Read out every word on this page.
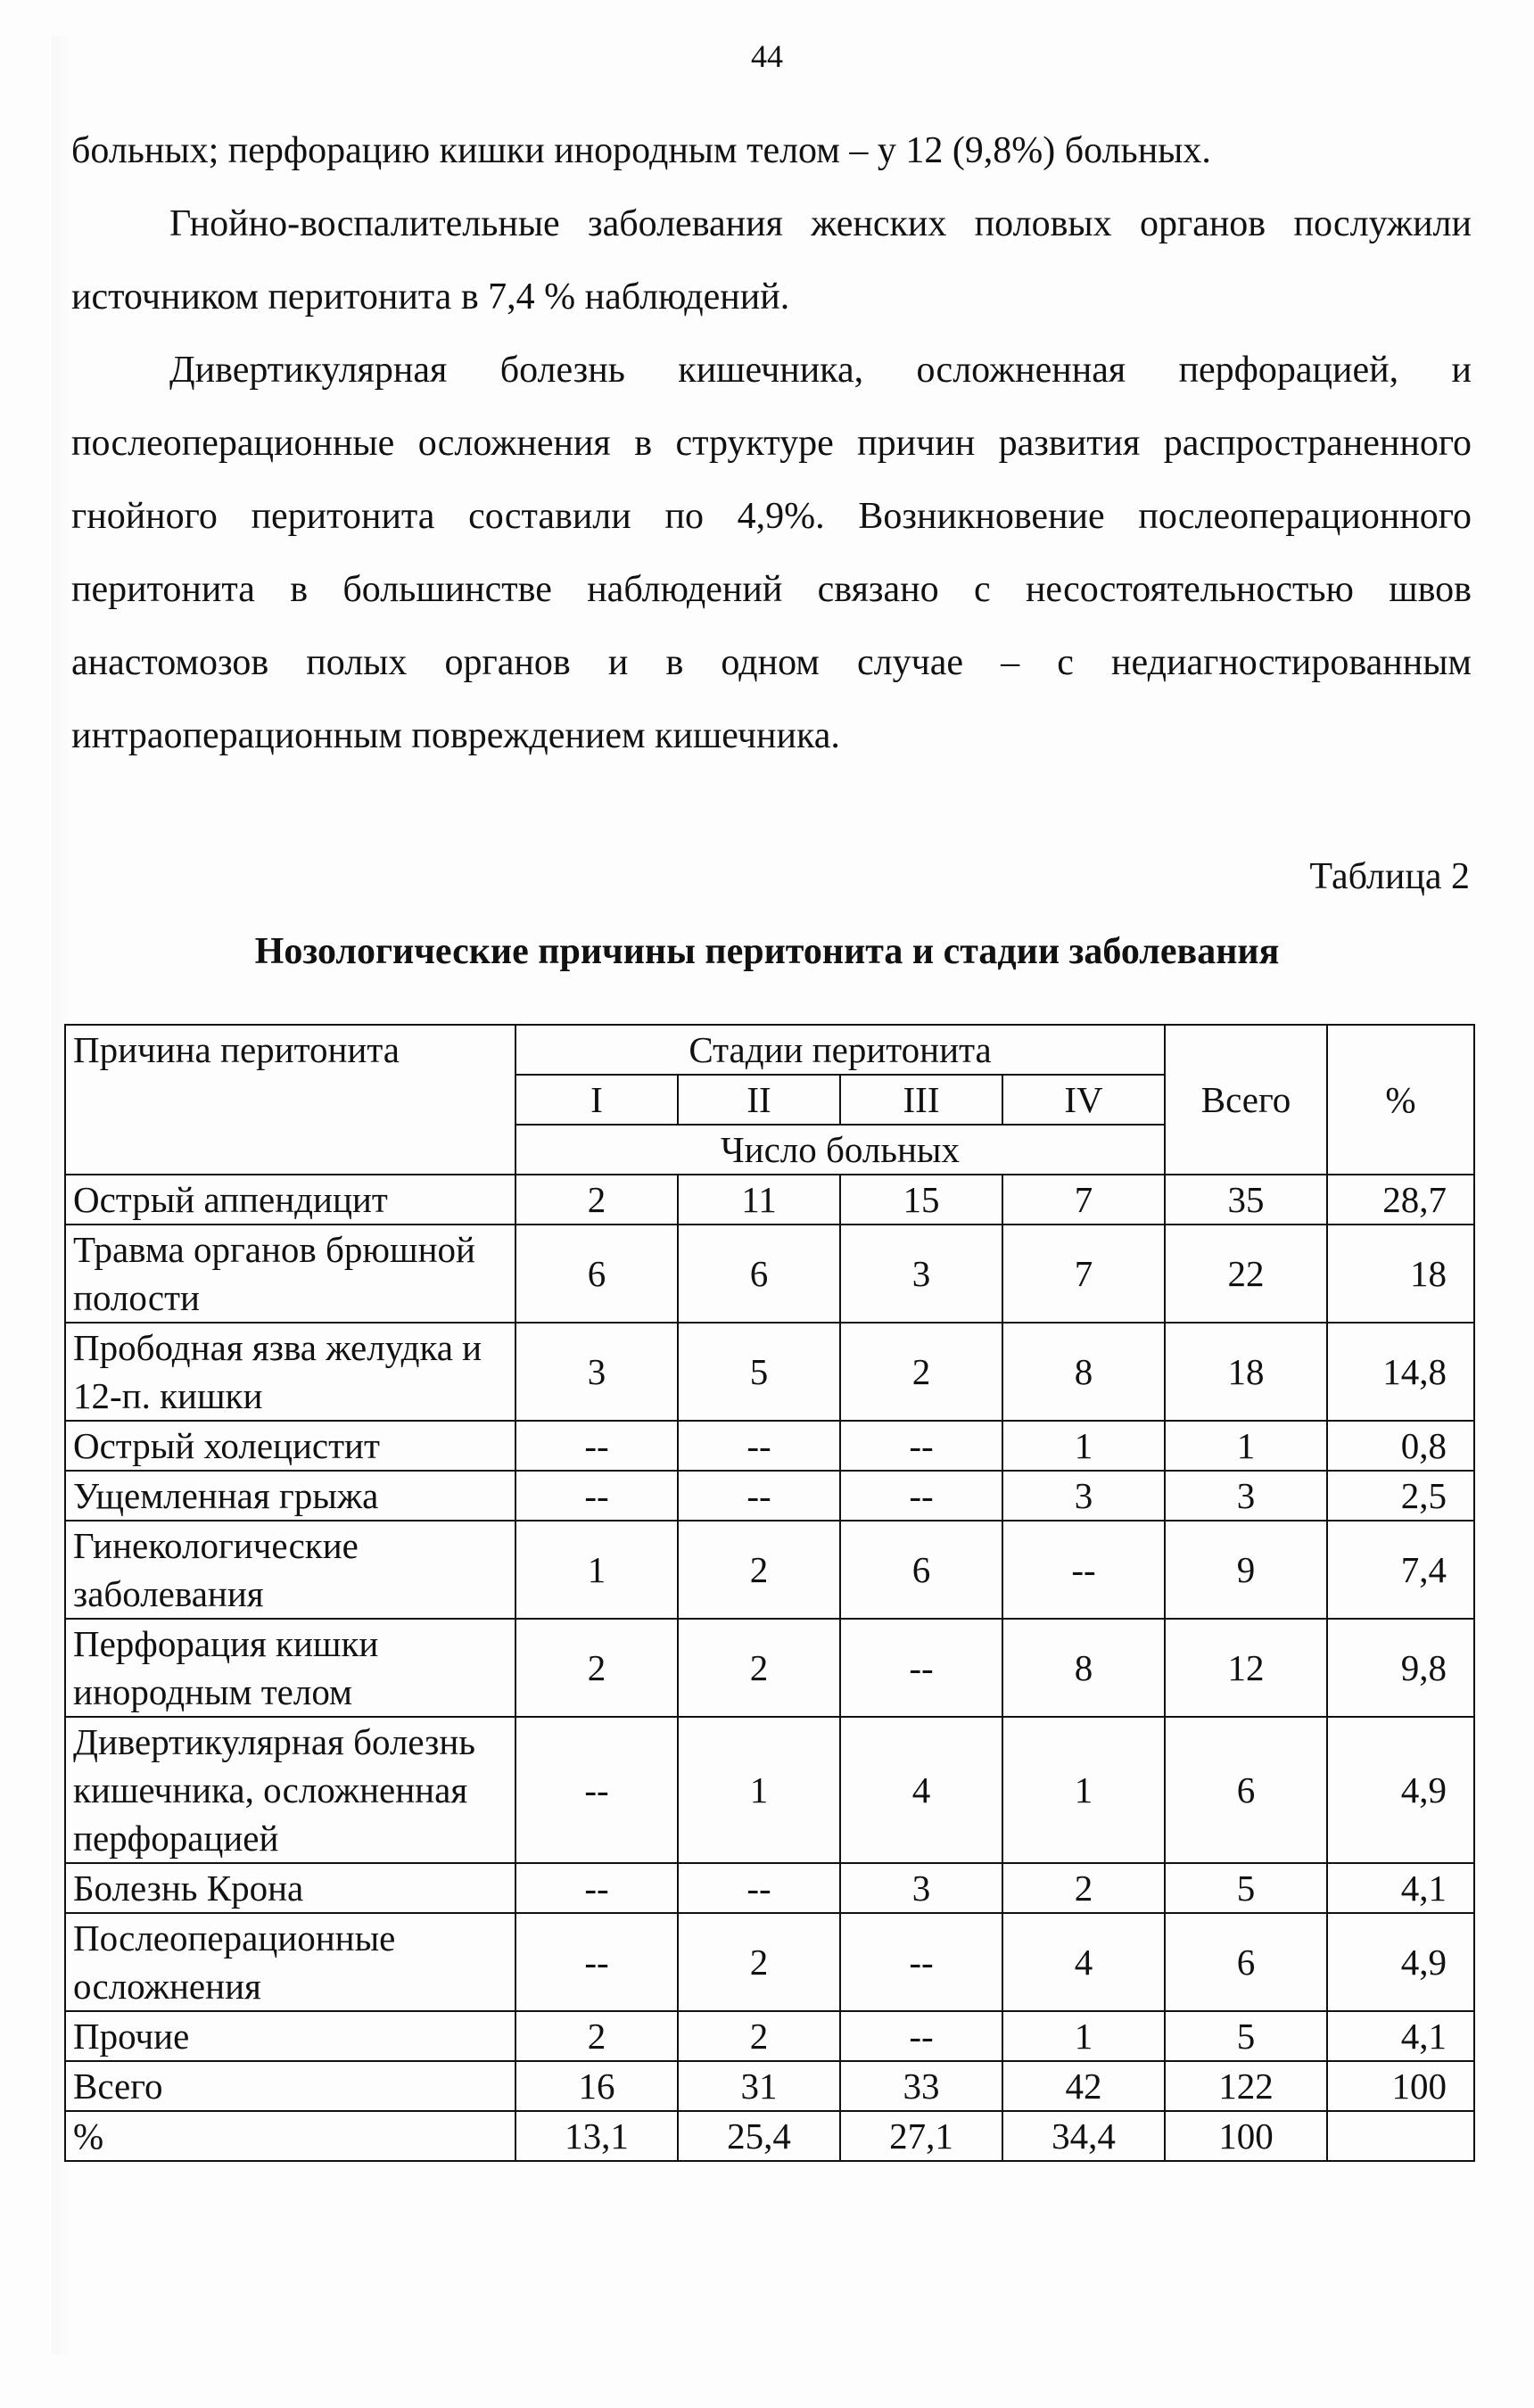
44

больных; перфорацию кишки инородным телом – у 12 (9,8%) больных.

Гнойно-воспалительные заболевания женских половых органов послужили источником перитонита в 7,4 % наблюдений.

Дивертикулярная болезнь кишечника, осложненная перфорацией, и послеоперационные осложнения в структуре причин развития распространенного гнойного перитонита составили по 4,9%. Возникновение послеоперационного перитонита в большинстве наблюдений связано с несостоятельностью швов анастомозов полых органов и в одном случае – с недиагностированным интраоперационным повреждением кишечника.

Таблица 2
Нозологические причины перитонита и стадии заболевания
Причина перитонита	Стадии перитонита				Всего	%
	I	II	III	IV		
	Число больных					
Острый аппендицит	2	11	15	7	35	28,7
Травма органов брюшной полости	6	6	3	7	22	18
Прободная язва желудка и 12-п. кишки	3	5	2	8	18	14,8
Острый холецистит	--	--	--	1	1	0,8
Ущемленная грыжа	--	--	--	3	3	2,5
Гинекологические заболевания	1	2	6	--	9	7,4
Перфорация кишки инородным телом	2	2	--	8	12	9,8
Дивертикулярная болезнь кишечника, осложненная перфорацией	--	1	4	1	6	4,9
Болезнь Крона	--	--	3	2	5	4,1
Послеоперационные осложнения	--	2	--	4	6	4,9
Прочие	2	2	--	1	5	4,1
Всего	16	31	33	42	122	100
%	13,1	25,4	27,1	34,4	100	
